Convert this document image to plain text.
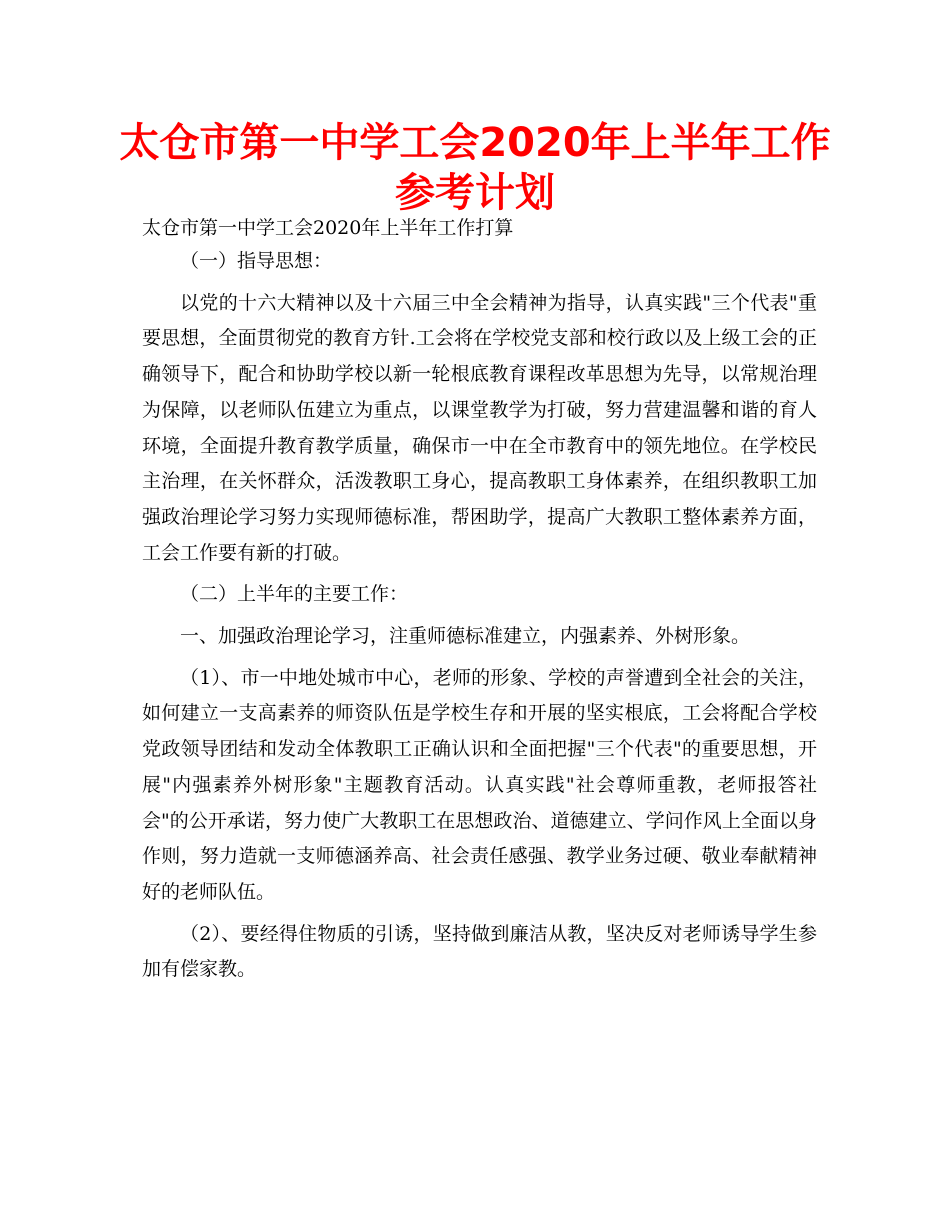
太仓市第一中学工会2020年上半年工作参考计划

太仓市第一中学工会2020年上半年工作打算

（一）指导思想：

以党的十六大精神以及十六届三中全会精神为指导，认真实践"三个代表"重要思想，全面贯彻党的教育方针.工会将在学校党支部和校行政以及上级工会的正确领导下，配合和协助学校以新一轮根底教育课程改革思想为先导，以常规治理为保障，以老师队伍建立为重点，以课堂教学为打破，努力营建温馨和谐的育人环境，全面提升教育教学质量，确保市一中在全市教育中的领先地位。在学校民主治理，在关怀群众，活泼教职工身心，提高教职工身体素养，在组织教职工加强政治理论学习努力实现师德标准，帮困助学，提高广大教职工整体素养方面，工会工作要有新的打破。

（二）上半年的主要工作：

一、加强政治理论学习，注重师德标准建立，内强素养、外树形象。

（1）、市一中地处城市中心，老师的形象、学校的声誉遭到全社会的关注，如何建立一支高素养的师资队伍是学校生存和开展的坚实根底，工会将配合学校党政领导团结和发动全体教职工正确认识和全面把握"三个代表"的重要思想，开展"内强素养外树形象"主题教育活动。认真实践"社会尊师重教，老师报答社会"的公开承诺，努力使广大教职工在思想政治、道德建立、学问作风上全面以身作则，努力造就一支师德涵养高、社会责任感强、教学业务过硬、敬业奉献精神好的老师队伍。

（2）、要经得住物质的引诱，坚持做到廉洁从教，坚决反对老师诱导学生参加有偿家教。
